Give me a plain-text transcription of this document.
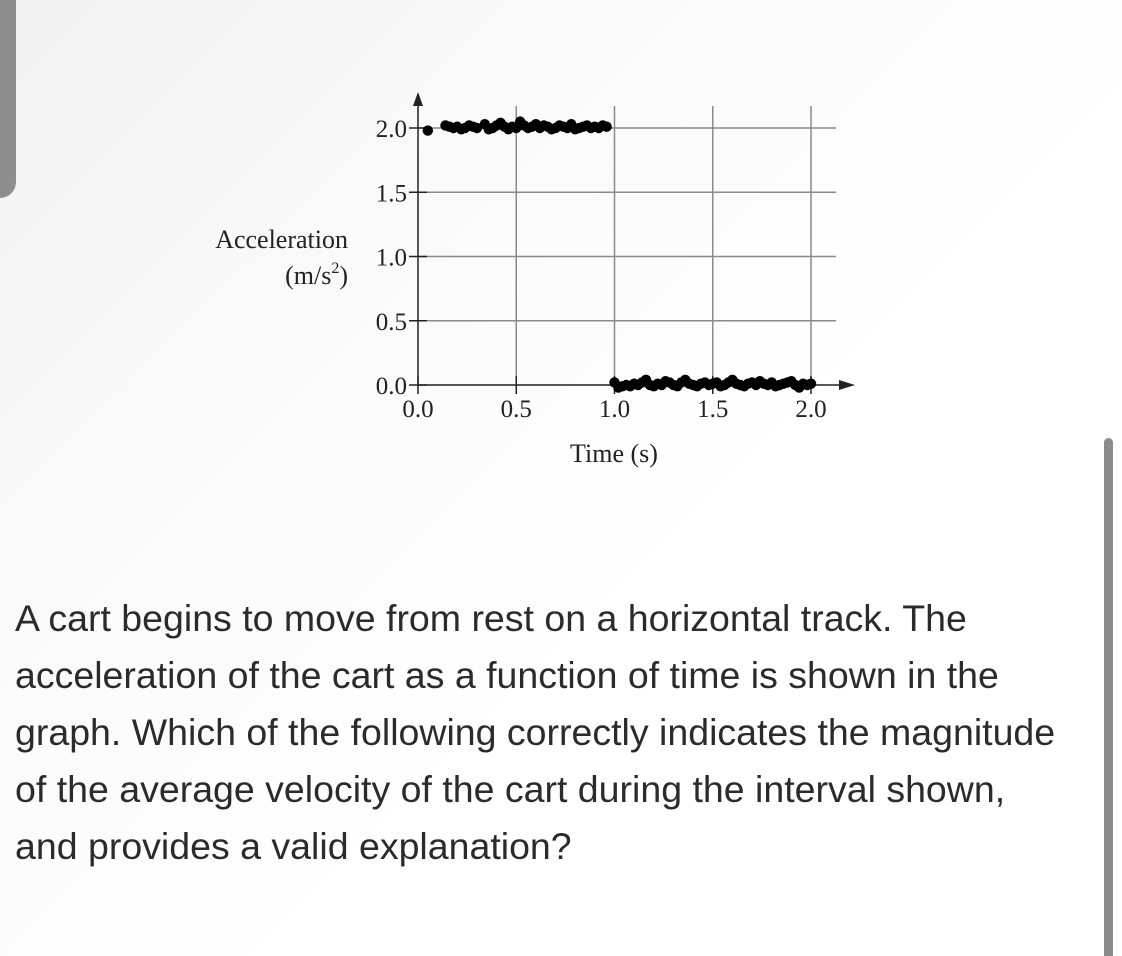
2.0
1.5
1.0
0.5
0.0
0.0	0.5	1.0	1.5	2.0
Acceleration
$(m/s^2)$
Time (s)

A cart begins to move from rest on a horizontal track. The acceleration of the cart as a function of time is shown in the graph. Which of the following correctly indicates the magnitude of the average velocity of the cart during the interval shown, and provides a valid explanation?
